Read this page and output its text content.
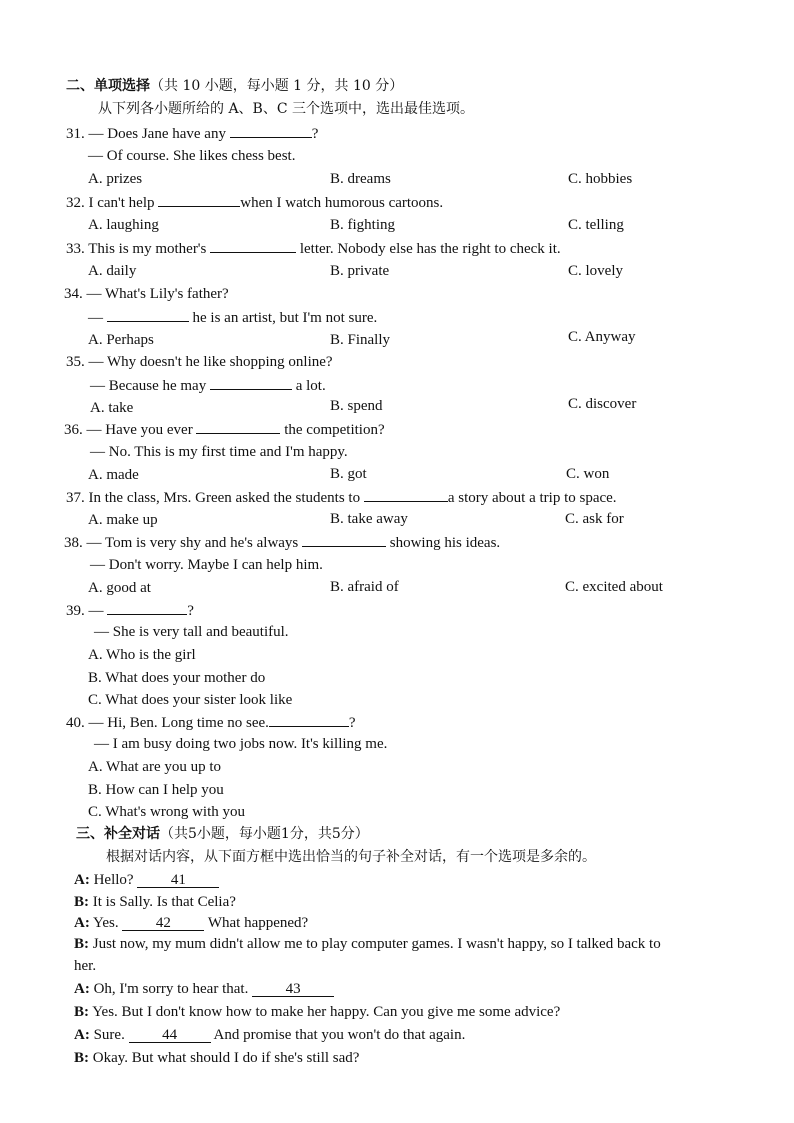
二、单项选择（共 10 小题，每小题 1 分，共 10 分）
从下列各小题所给的 A、B、C 三个选项中，选出最佳选项。
31. — Does Jane have any	?
— Of course. She likes chess best.
A. prizes	B. dreams	C. hobbies
32. I can't help	when I watch humorous cartoons.
A. laughing	B. fighting	C. telling
33. This is my mother's	letter. Nobody else has the right to check it.
A. daily	B. private	C. lovely
34. — What's Lily's father?
—	he is an artist, but I'm not sure.
A. Perhaps	B. Finally	C. Anyway
35. — Why doesn't he like shopping online?
— Because he may	a lot.
A. take	B. spend	C. discover
36. — Have you ever	the competition?
— No. This is my first time and I'm happy.
A. made	B. got	C. won
37. In the class, Mrs. Green asked the students to	a story about a trip to space.
A. make up	B. take away	C. ask for
38. — Tom is very shy and he's always	showing his ideas.
— Don't worry. Maybe I can help him.
A. good at	B. afraid of	C. excited about
39. —	?
— She is very tall and beautiful.
A. Who is the girl
B. What does your mother do
C. What does your sister look like
40. — Hi, Ben. Long time no see.	?
— I am busy doing two jobs now. It's killing me.
A. What are you up to
B. How can I help you
C. What's wrong with you
三、补全对话（共5小题，每小题1分，共5分）
根据对话内容，从下面方框中选出恰当的句子补全对话，有一个选项是多余的。
A: Hello? 41
B: It is Sally. Is that Celia?
A: Yes. 42 What happened?
B: Just now, my mum didn't allow me to play computer games. I wasn't happy, so I talked back to
her.
A: Oh, I'm sorry to hear that. 43
B: Yes. But I don't know how to make her happy. Can you give me some advice?
A: Sure. 44 And promise that you won't do that again.
B: Okay. But what should I do if she's still sad?
